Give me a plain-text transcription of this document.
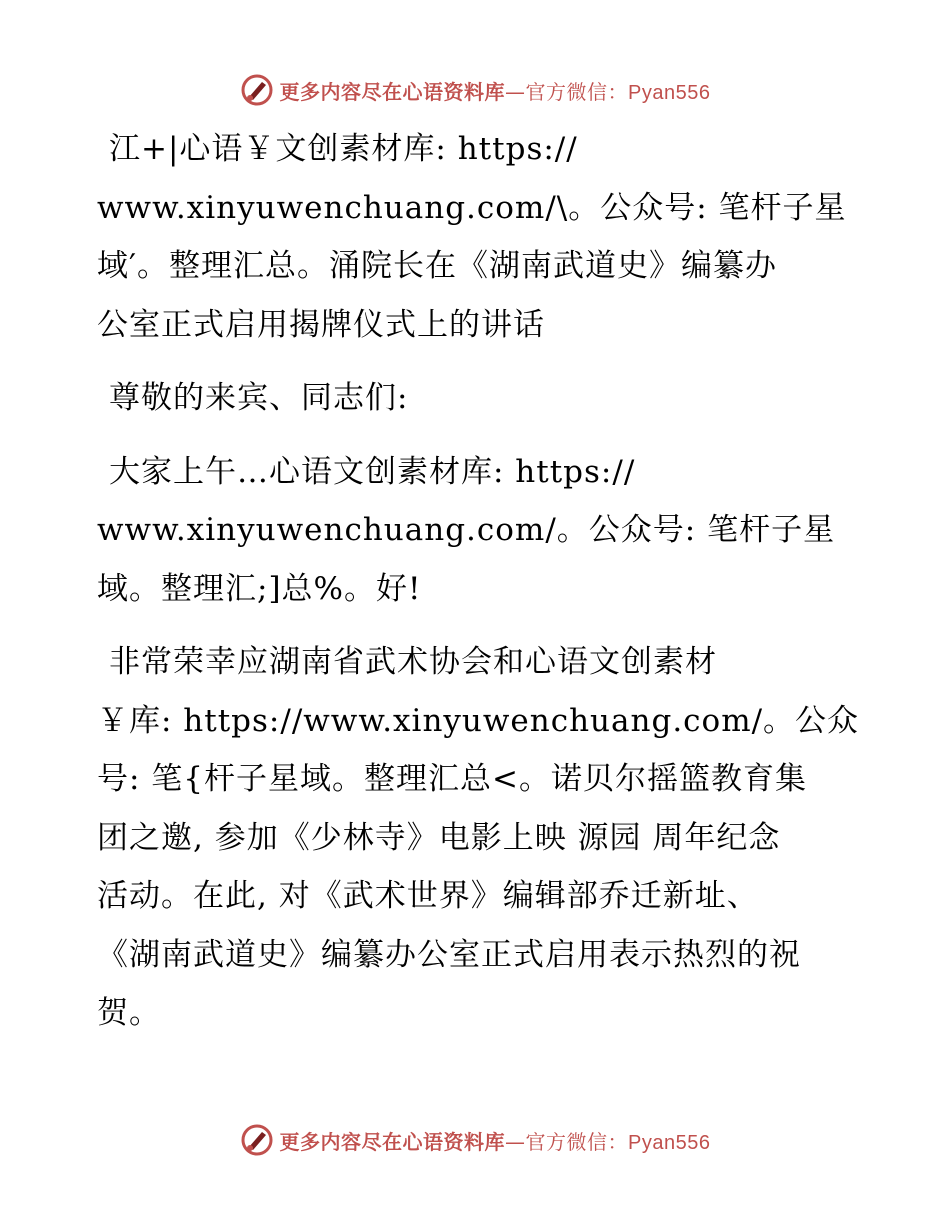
更多内容尽在心语资料库—官方微信：Pyan556
江+|心语￥文创素材库: https://
www.xinyuwenchuang.com/\。公众号: 笔杆子星
域′。整理汇总。涌院长在《湖南武道史》编纂办
公室正式启用揭牌仪式上的讲话
尊敬的来宾、同志们:
大家上午…心语文创素材库: https://
www.xinyuwenchuang.com/。公众号: 笔杆子星
域。整理汇;]总%。好!
非常荣幸应湖南省武术协会和心语文创素材
￥库: https://www.xinyuwenchuang.com/。公众
号: 笔{杆子星域。整理汇总<。诺贝尔摇篮教育集
团之邀, 参加《少林寺》电影上映 源园 周年纪念
活动。在此, 对《武术世界》编辑部乔迁新址、
《湖南武道史》编纂办公室正式启用表示热烈的祝
贺。
更多内容尽在心语资料库—官方微信：Pyan556
